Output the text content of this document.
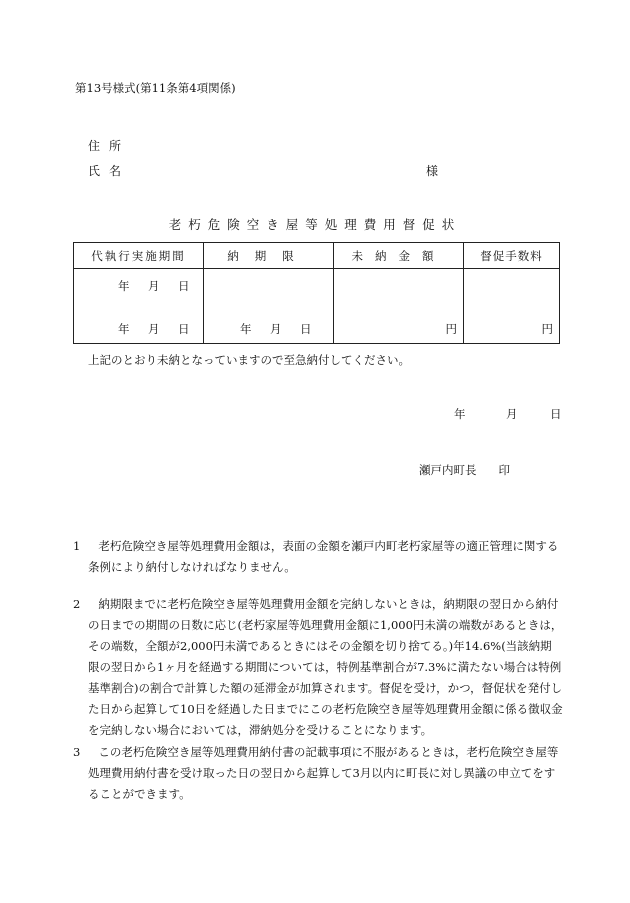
第13号様式(第11条第4項関係)
住所
氏名	様
老朽危険空き屋等処理費用督促状
代執行実施期間	納期限	未納金額	督促手数料

年 月 日
年 月 日	年 月 日	円	円
上記のとおり未納となっていますので至急納付してください。
年	月	日
瀬戸内町長 印
1	老朽危険空き屋等処理費用金額は，表面の金額を瀬戸内町老朽家屋等の適正管理に関する条例により納付しなければなりません。
2	納期限までに老朽危険空き屋等処理費用金額を完納しないときは，納期限の翌日から納付の日までの期間の日数に応じ(老朽家屋等処理費用金額に1,000円未満の端数があるときは，その端数，全額が2,000円未満であるときにはその金額を切り捨てる。)年14.6%(当該納期限の翌日から1ヶ月を経過する期間については，特例基準割合が7.3%に満たない場合は特例基準割合)の割合で計算した額の延滞金が加算されます。督促を受け，かつ，督促状を発付した日から起算して10日を経過した日までにこの老朽危険空き屋等処理費用金額に係る徴収金を完納しない場合においては，滞納処分を受けることになります。
3	この老朽危険空き屋等処理費用納付書の記載事項に不服があるときは，老朽危険空き屋等処理費用納付書を受け取った日の翌日から起算して3月以内に町長に対し異議の申立てをすることができます。
